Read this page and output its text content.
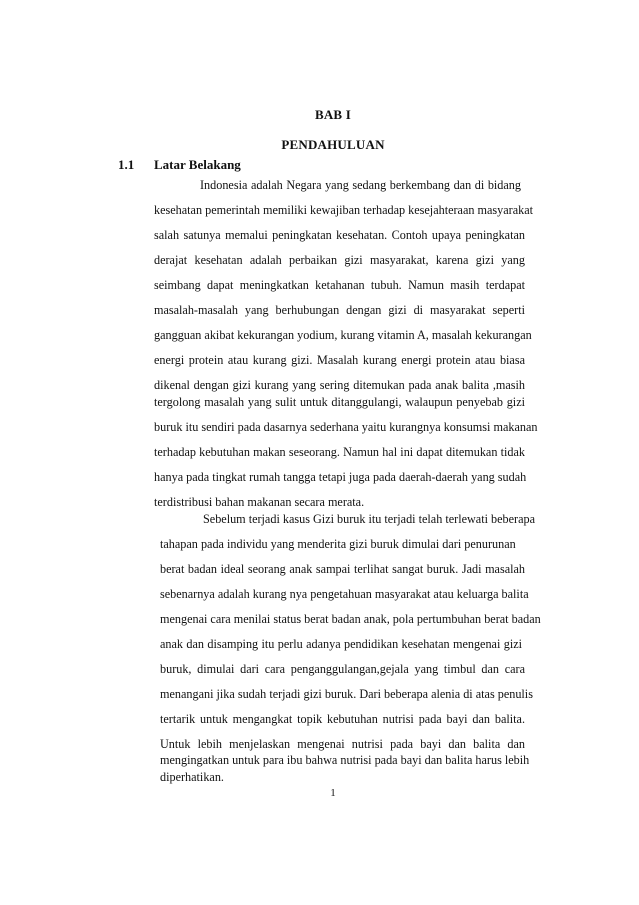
BAB I
PENDAHULUAN
1.1 Latar Belakang
Indonesia adalah Negara yang sedang berkembang dan di bidang
kesehatan pemerintah memiliki kewajiban terhadap kesejahteraan masyarakat
salah satunya memalui peningkatan kesehatan. Contoh upaya peningkatan
derajat kesehatan adalah perbaikan gizi masyarakat, karena gizi yang
seimbang dapat meningkatkan ketahanan tubuh. Namun masih terdapat
masalah-masalah yang berhubungan dengan gizi di masyarakat seperti
gangguan akibat kekurangan yodium, kurang vitamin A, masalah kekurangan
energi protein atau kurang gizi. Masalah kurang energi protein atau biasa
dikenal dengan gizi kurang yang sering ditemukan pada anak balita ,masih
tergolong masalah yang sulit untuk ditanggulangi, walaupun penyebab gizi
buruk itu sendiri pada dasarnya sederhana yaitu kurangnya konsumsi makanan
terhadap kebutuhan makan seseorang. Namun hal ini dapat ditemukan tidak
hanya pada tingkat rumah tangga tetapi juga pada daerah-daerah yang sudah
terdistribusi bahan makanan secara merata.
Sebelum terjadi kasus Gizi buruk itu terjadi telah terlewati beberapa
tahapan pada individu yang menderita gizi buruk dimulai dari penurunan
berat badan ideal seorang anak sampai terlihat sangat buruk. Jadi masalah
sebenarnya adalah kurang nya pengetahuan masyarakat atau keluarga balita
mengenai cara menilai status berat badan anak, pola pertumbuhan berat badan
anak dan disamping itu perlu adanya pendidikan kesehatan mengenai gizi
buruk, dimulai dari cara penganggulangan,gejala yang timbul dan cara
menangani jika sudah terjadi gizi buruk. Dari beberapa alenia di atas penulis
tertarik untuk mengangkat topik kebutuhan nutrisi pada bayi dan balita.
Untuk lebih menjelaskan mengenai nutrisi pada bayi dan balita dan
mengingatkan untuk para ibu bahwa nutrisi pada bayi dan balita harus lebih
diperhatikan.
1
